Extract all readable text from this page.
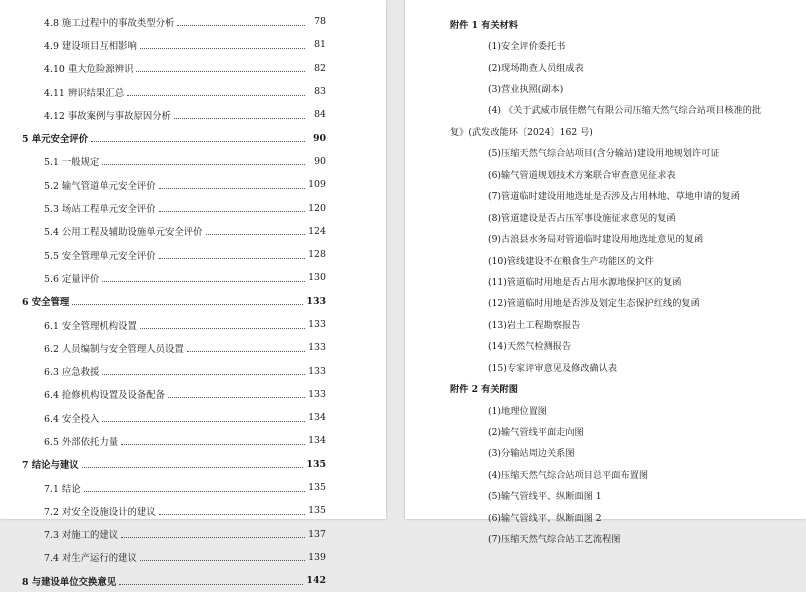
4.8 施工过程中的事故类型分析	78
4.9 建设项目互相影响	81
4.10 重大危险源辨识	82
4.11 辨识结果汇总	83
4.12 事故案例与事故原因分析	84
5 单元安全评价	90
5.1 一般规定	90
5.2 输气管道单元安全评价	109
5.3 场站工程单元安全评价	120
5.4 公用工程及辅助设施单元安全评价	124
5.5 安全管理单元安全评价	128
5.6 定量评价	130
6 安全管理	133
6.1 安全管理机构设置	133
6.2 人员编制与安全管理人员设置	133
6.3 应急救援	133
6.4 抢修机构设置及设备配备	133
6.4 安全投入	134
6.5 外部依托力量	134
7 结论与建议	135
7.1 结论	135
7.2 对安全设施设计的建议	135
7.3 对施工的建议	137
7.4 对生产运行的建议	139
8 与建设单位交换意见	142
附件 1 有关材料
(1)安全评价委托书
(2)现场勘查人员组成表
(3)营业执照(副本)
(4) 《关于武威市展佳燃气有限公司压缩天然气综合站项目核准的批
复》(武发改能环〔2024〕162 号)
(5)压缩天然气综合站项目(含分输站)建设用地规划许可证
(6)输气管道规划技术方案联合审查意见征求表
(7)管道临时建设用地选址是否涉及占用林地、草地申请的复函
(8)管道建设是否占压军事设施征求意见的复函
(9)古浪县水务局对管道临时建设用地选址意见的复函
(10)管线建设不在粮食生产功能区的文件
(11)管道临时用地是否占用水源地保护区的复函
(12)管道临时用地是否涉及划定生态保护红线的复函
(13)岩土工程勘察报告
(14)天然气检测报告
(15)专家评审意见及修改确认表
附件 2 有关附图
(1)地理位置图
(2)输气管线平面走向图
(3)分输站周边关系图
(4)压缩天然气综合站项目总平面布置图
(5)输气管线平、纵断面图 1
(6)输气管线平、纵断面图 2
(7)压缩天然气综合站工艺流程图
